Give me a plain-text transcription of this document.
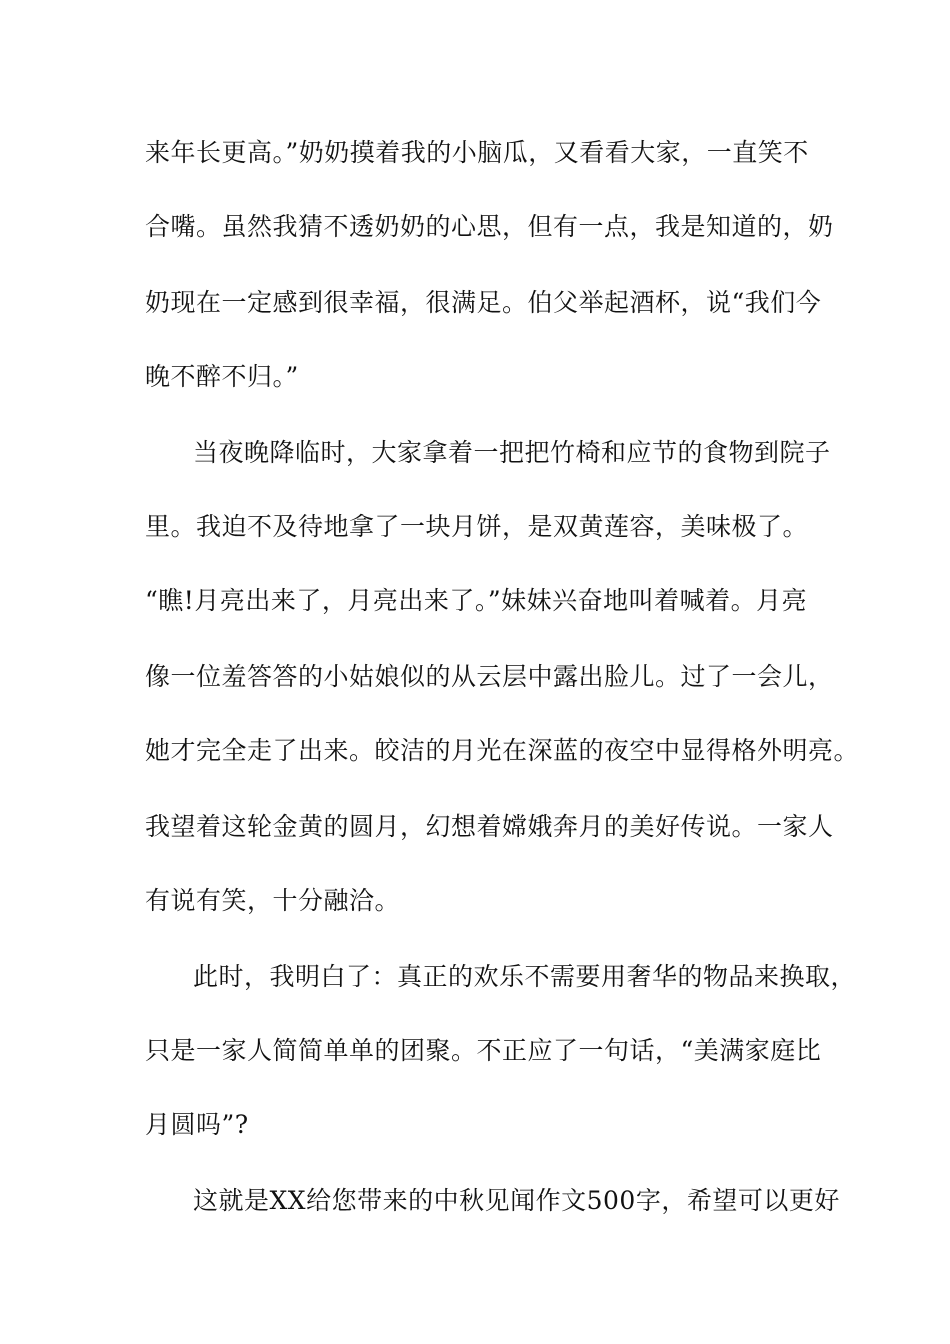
来年长更高。”奶奶摸着我的小脑瓜，又看看大家，一直笑不
合嘴。虽然我猜不透奶奶的心思，但有一点，我是知道的，奶
奶现在一定感到很幸福，很满足。伯父举起酒杯，说“我们今
晚不醉不归。”
当夜晚降临时，大家拿着一把把竹椅和应节的食物到院子
里。我迫不及待地拿了一块月饼，是双黄莲容，美味极了。
“瞧!月亮出来了，月亮出来了。”妹妹兴奋地叫着喊着。月亮
像一位羞答答的小姑娘似的从云层中露出脸儿。过了一会儿，
她才完全走了出来。皎洁的月光在深蓝的夜空中显得格外明亮。
我望着这轮金黄的圆月，幻想着嫦娥奔月的美好传说。一家人
有说有笑，十分融洽。
此时，我明白了：真正的欢乐不需要用奢华的物品来换取，
只是一家人简简单单的团聚。不正应了一句话，“美满家庭比
月圆吗”?
这就是XX给您带来的中秋见闻作文500字，希望可以更好
